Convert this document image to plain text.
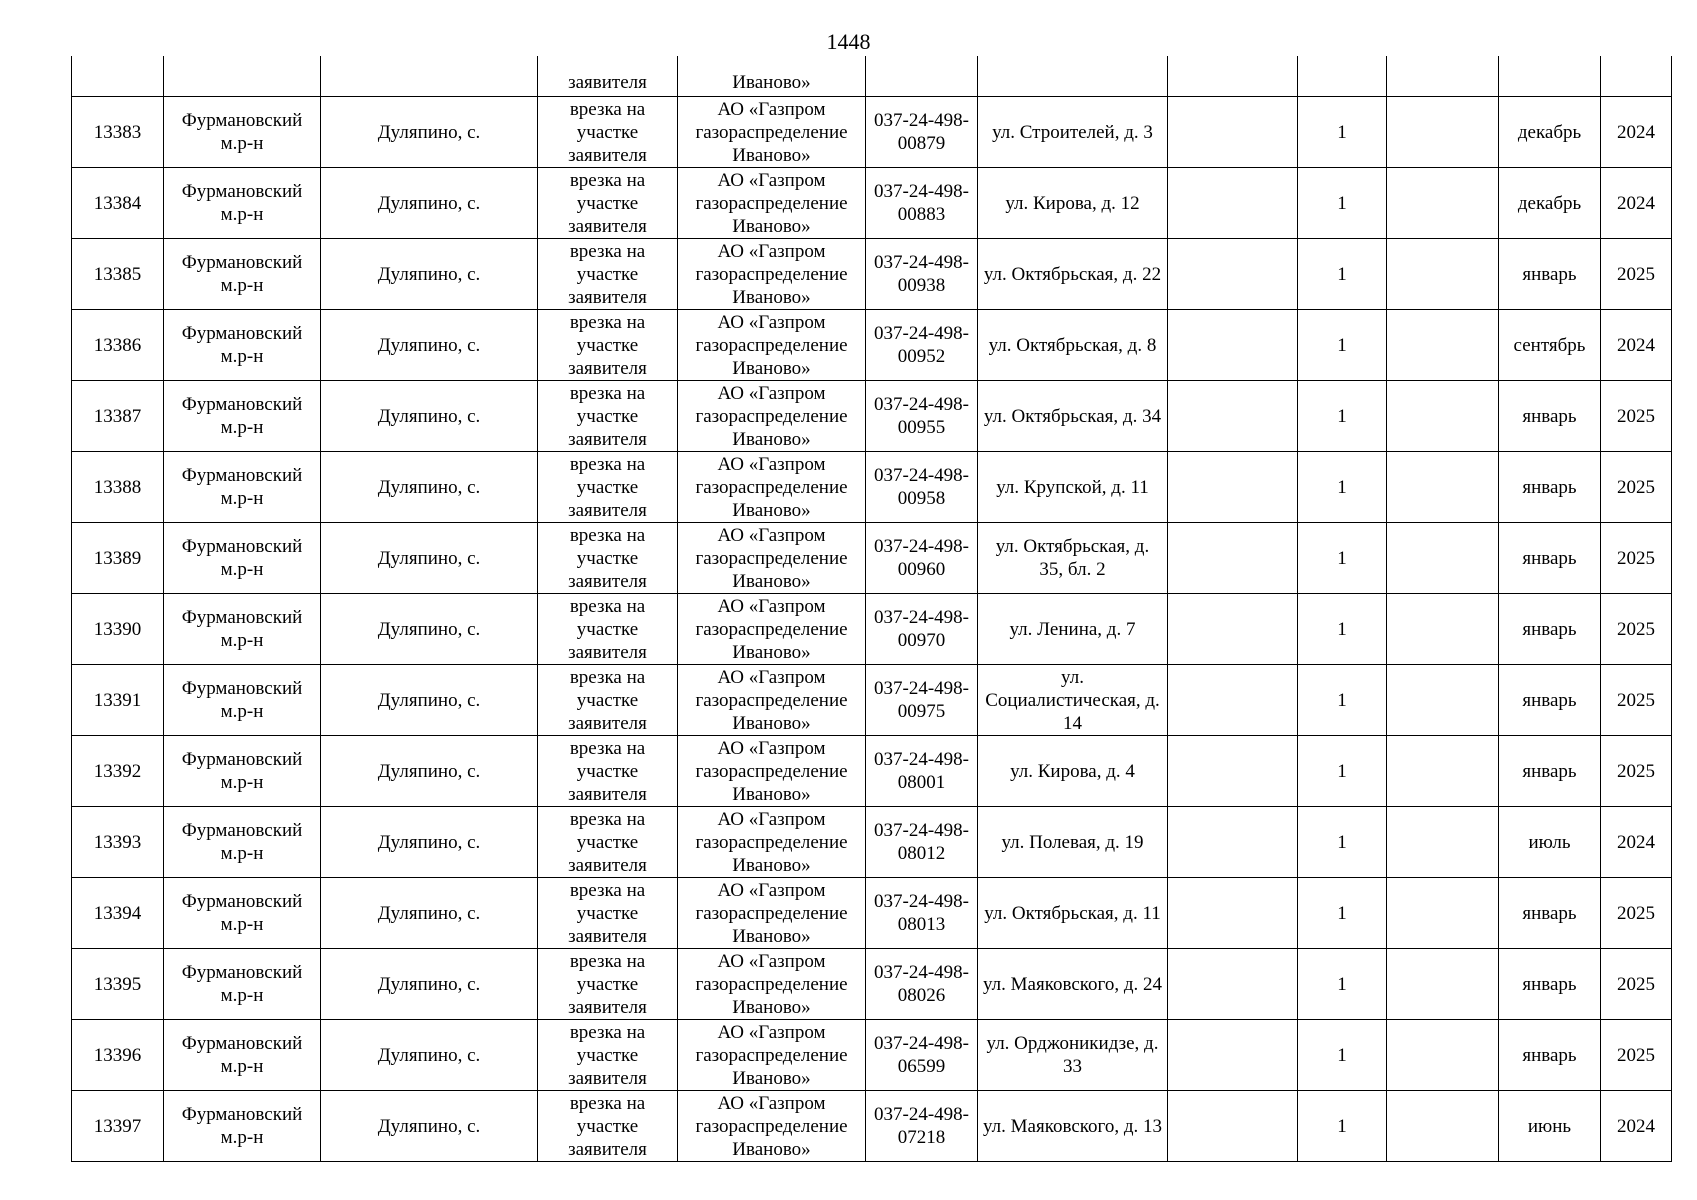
1448
			заявителя	Иваново»							
13383	Фурмановский м.р-н	Дуляпино, с.	врезка на участке заявителя	АО «Газпром газораспределение Иваново»	037-24-498-00879	ул. Строителей, д. 3		1		декабрь	2024
13384	Фурмановский м.р-н	Дуляпино, с.	врезка на участке заявителя	АО «Газпром газораспределение Иваново»	037-24-498-00883	ул. Кирова, д. 12		1		декабрь	2024
13385	Фурмановский м.р-н	Дуляпино, с.	врезка на участке заявителя	АО «Газпром газораспределение Иваново»	037-24-498-00938	ул. Октябрьская, д. 22		1		январь	2025
13386	Фурмановский м.р-н	Дуляпино, с.	врезка на участке заявителя	АО «Газпром газораспределение Иваново»	037-24-498-00952	ул. Октябрьская, д. 8		1		сентябрь	2024
13387	Фурмановский м.р-н	Дуляпино, с.	врезка на участке заявителя	АО «Газпром газораспределение Иваново»	037-24-498-00955	ул. Октябрьская, д. 34		1		январь	2025
13388	Фурмановский м.р-н	Дуляпино, с.	врезка на участке заявителя	АО «Газпром газораспределение Иваново»	037-24-498-00958	ул. Крупской, д. 11		1		январь	2025
13389	Фурмановский м.р-н	Дуляпино, с.	врезка на участке заявителя	АО «Газпром газораспределение Иваново»	037-24-498-00960	ул. Октябрьская, д. 35, бл. 2		1		январь	2025
13390	Фурмановский м.р-н	Дуляпино, с.	врезка на участке заявителя	АО «Газпром газораспределение Иваново»	037-24-498-00970	ул. Ленина, д. 7		1		январь	2025
13391	Фурмановский м.р-н	Дуляпино, с.	врезка на участке заявителя	АО «Газпром газораспределение Иваново»	037-24-498-00975	ул. Социалистическая, д. 14		1		январь	2025
13392	Фурмановский м.р-н	Дуляпино, с.	врезка на участке заявителя	АО «Газпром газораспределение Иваново»	037-24-498-08001	ул. Кирова, д. 4		1		январь	2025
13393	Фурмановский м.р-н	Дуляпино, с.	врезка на участке заявителя	АО «Газпром газораспределение Иваново»	037-24-498-08012	ул. Полевая, д. 19		1		июль	2024
13394	Фурмановский м.р-н	Дуляпино, с.	врезка на участке заявителя	АО «Газпром газораспределение Иваново»	037-24-498-08013	ул. Октябрьская, д. 11		1		январь	2025
13395	Фурмановский м.р-н	Дуляпино, с.	врезка на участке заявителя	АО «Газпром газораспределение Иваново»	037-24-498-08026	ул. Маяковского, д. 24		1		январь	2025
13396	Фурмановский м.р-н	Дуляпино, с.	врезка на участке заявителя	АО «Газпром газораспределение Иваново»	037-24-498-06599	ул. Орджоникидзе, д. 33		1		январь	2025
13397	Фурмановский м.р-н	Дуляпино, с.	врезка на участке заявителя	АО «Газпром газораспределение Иваново»	037-24-498-07218	ул. Маяковского, д. 13		1		июнь	2024
